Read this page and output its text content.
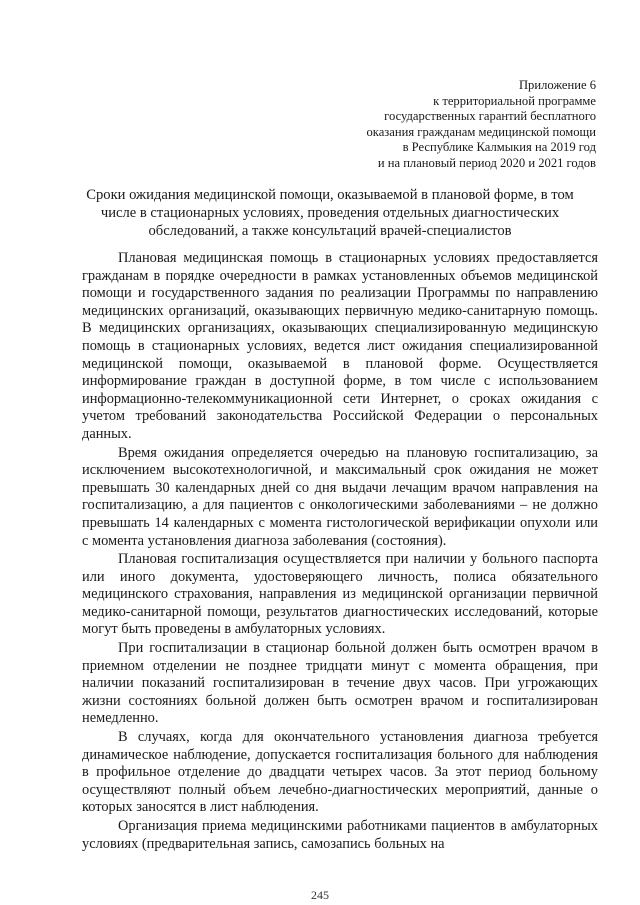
Приложение 6
к территориальной программе
государственных гарантий бесплатного
оказания гражданам медицинской помощи
в Республике Калмыкия на 2019 год
и на плановый период 2020 и 2021 годов
Сроки ожидания медицинской помощи, оказываемой в плановой форме, в том
числе в стационарных условиях, проведения отдельных диагностических
обследований, а также консультаций врачей-специалистов

Плановая медицинская помощь в стационарных условиях предоставляется гражданам в порядке очередности в рамках установленных объемов медицинской помощи и государственного задания по реализации Программы по направлению медицинских организаций, оказывающих первичную медико-санитарную помощь. В медицинских организациях, оказывающих специализированную медицинскую помощь в стационарных условиях, ведется лист ожидания специализированной медицинской помощи, оказываемой в плановой форме. Осуществляется информирование граждан в доступной форме, в том числе с использованием информационно-телекоммуникационной сети Интернет, о сроках ожидания с учетом требований законодательства Российской Федерации о персональных данных.

Время ожидания определяется очередью на плановую госпитализацию, за исключением высокотехнологичной, и максимальный срок ожидания не может превышать 30 календарных дней со дня выдачи лечащим врачом направления на госпитализацию, а для пациентов с онкологическими заболеваниями – не должно превышать 14 календарных с момента гистологической верификации опухоли или с момента установления диагноза заболевания (состояния).

Плановая госпитализация осуществляется при наличии у больного паспорта или иного документа, удостоверяющего личность, полиса обязательного медицинского страхования, направления из медицинской организации первичной медико-санитарной помощи, результатов диагностических исследований, которые могут быть проведены в амбулаторных условиях.

При госпитализации в стационар больной должен быть осмотрен врачом в приемном отделении не позднее тридцати минут с момента обращения, при наличии показаний госпитализирован в течение двух часов. При угрожающих жизни состояниях больной должен быть осмотрен врачом и госпитализирован немедленно.

В случаях, когда для окончательного установления диагноза требуется динамическое наблюдение, допускается госпитализация больного для наблюдения в профильное отделение до двадцати четырех часов. За этот период больному осуществляют полный объем лечебно-диагностических мероприятий, данные о которых заносятся в лист наблюдения.

Организация приема медицинскими работниками пациентов в амбулаторных условиях (предварительная запись, самозапись больных на

245
